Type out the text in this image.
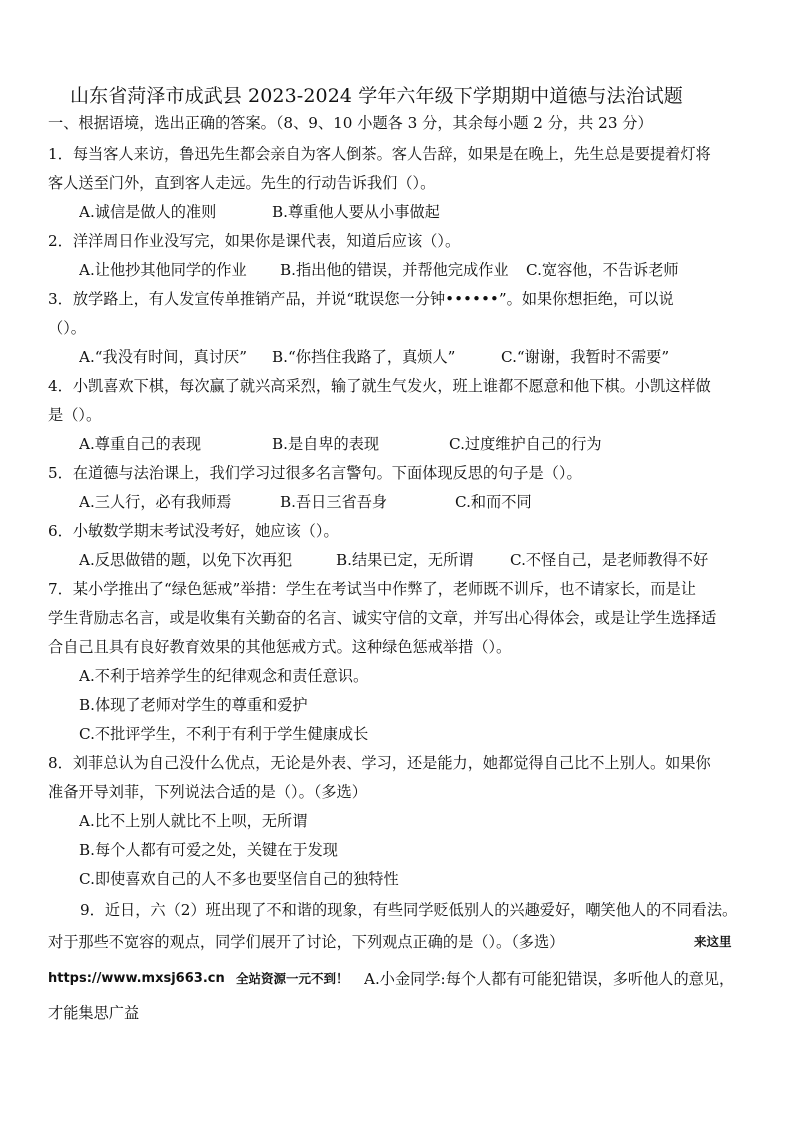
山东省菏泽市成武县 2023-2024 学年六年级下学期期中道德与法治试题
一、根据语境，选出正确的答案。（8、9、10 小题各 3 分，其余每小题 2 分，共 23 分）
1．每当客人来访，鲁迅先生都会亲自为客人倒茶。客人告辞，如果是在晚上，先生总是要提着灯将
客人送至门外，直到客人走远。先生的行动告诉我们（）。
A.诚信是做人的准则	B.尊重他人要从小事做起
2．洋洋周日作业没写完，如果你是课代表，知道后应该（）。
A.让他抄其他同学的作业 B.指出他的错误，并帮他完成作业 C.宽容他，不告诉老师
3．放学路上，有人发宣传单推销产品，并说“耽误您一分钟••••••”。如果你想拒绝，可以说
（）。
A.“我没有时间，真讨厌” B.“你挡住我路了，真烦人”	C.“谢谢，我暂时不需要”
4．小凯喜欢下棋，每次赢了就兴高采烈，输了就生气发火，班上谁都不愿意和他下棋。小凯这样做
是（）。
A.尊重自己的表现	B.是自卑的表现	C.过度维护自己的行为
5．在道德与法治课上，我们学习过很多名言警句。下面体现反思的句子是（）。
A.三人行，必有我师焉	B.吾日三省吾身	C.和而不同
6．小敏数学期末考试没考好，她应该（）。
A.反思做错的题，以免下次再犯	B.结果已定，无所谓 C.不怪自己，是老师教得不好
7．某小学推出了“绿色惩戒”举措：学生在考试当中作弊了，老师既不训斥，也不请家长，而是让
学生背励志名言，或是收集有关勤奋的名言、诚实守信的文章，并写出心得体会，或是让学生选择适
合自己且具有良好教育效果的其他惩戒方式。这种绿色惩戒举措（）。
A.不利于培养学生的纪律观念和责任意识。
B.体现了老师对学生的尊重和爱护
C.不批评学生，不利于有利于学生健康成长
8．刘菲总认为自己没什么优点，无论是外表、学习，还是能力，她都觉得自己比不上别人。如果你
准备开导刘菲，下列说法合适的是（）。（多选）
A.比不上别人就比不上呗，无所谓
B.每个人都有可爱之处，关键在于发现
C.即使喜欢自己的人不多也要坚信自己的独特性
9．近日，六（2）班出现了不和谐的现象，有些同学贬低别人的兴趣爱好，嘲笑他人的不同看法。
对于那些不宽容的观点，同学们展开了讨论，下列观点正确的是（）。（多选）	来这里
https://www.mxsj663.cn 全站资源一元不到！ A.小金同学:每个人都有可能犯错误，多听他人的意见，
才能集思广益
